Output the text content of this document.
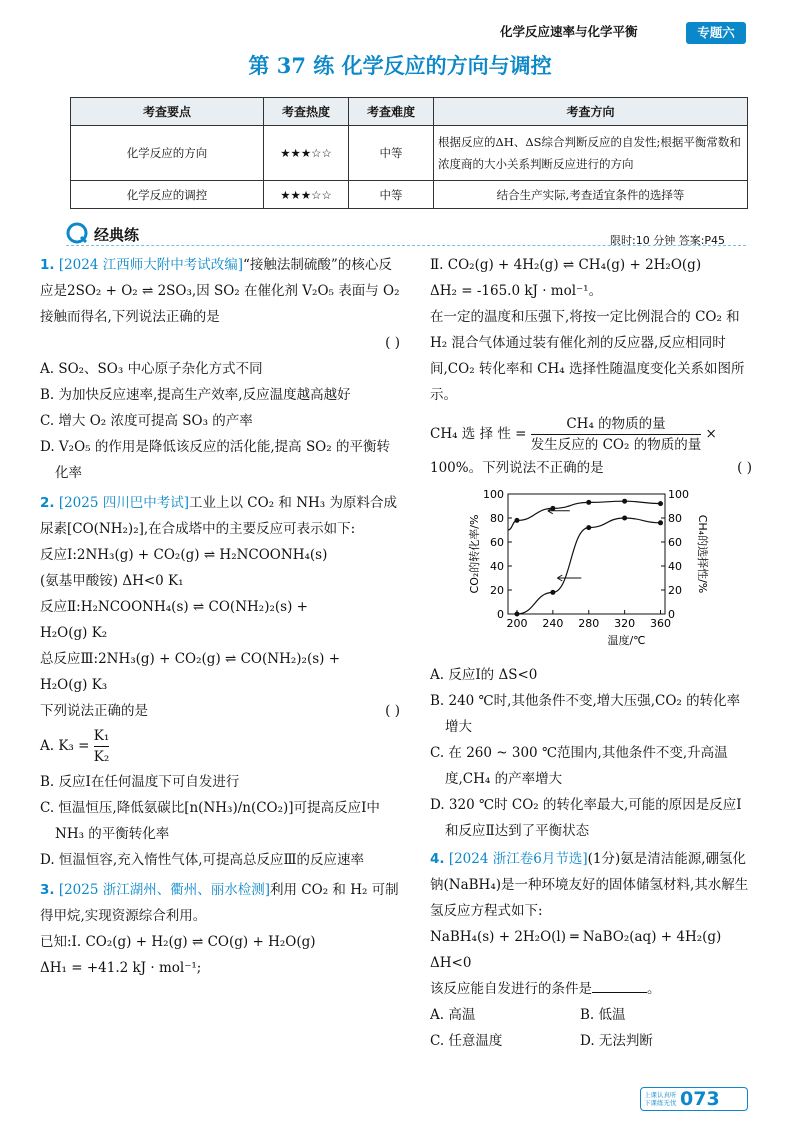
化学反应速率与化学平衡	专题六
第 37 练 化学反应的方向与调控
考查要点	考查热度	考查难度	考查方向
化学反应的方向	★★★☆☆	中等	根据反应的ΔH、ΔS综合判断反应的自发性;根据平衡常数和浓度商的大小关系判断反应进行的方向
化学反应的调控	★★★☆☆	中等	结合生产实际,考查适宜条件的选择等
经典练	限时:10 分钟 答案:P45
1. [2024 江西师大附中考试改编]“接触法制硫酸”的核心反应是2SO₂ + O₂ ⇌ 2SO₃,因 SO₂ 在催化剂 V₂O₅ 表面与 O₂ 接触而得名,下列说法正确的是
( )
A. SO₂、SO₃ 中心原子杂化方式不同
B. 为加快反应速率,提高生产效率,反应温度越高越好
C. 增大 O₂ 浓度可提高 SO₃ 的产率
D. V₂O₅ 的作用是降低该反应的活化能,提高 SO₂ 的平衡转化率
2. [2025 四川巴中考试]工业上以 CO₂ 和 NH₃ 为原料合成尿素[CO(NH₂)₂],在合成塔中的主要反应可表示如下:
反应Ⅰ:2NH₃(g) + CO₂(g) ⇌ H₂NCOONH₄(s)
(氨基甲酸铵) ΔH<0 K₁
反应Ⅱ:H₂NCOONH₄(s) ⇌ CO(NH₂)₂(s) +
H₂O(g) K₂
总反应Ⅲ:2NH₃(g) + CO₂(g) ⇌ CO(NH₂)₂(s) +
H₂O(g) K₃
下列说法正确的是	( )
A. $K_3 = \frac{\text{K₁}}{\text{K₂}}$
B. 反应Ⅰ在任何温度下可自发进行
C. 恒温恒压,降低氨碳比[n(NH₃)/n(CO₂)]可提高反应Ⅰ中 NH₃ 的平衡转化率
D. 恒温恒容,充入惰性气体,可提高总反应Ⅲ的反应速率
3. [2025 浙江湖州、衢州、丽水检测]利用 CO₂ 和 H₂ 可制得甲烷,实现资源综合利用。
已知:Ⅰ. CO₂(g) + H₂(g) ⇌ CO(g) + H₂O(g)
ΔH₁ = +41.2 kJ · mol⁻¹;
Ⅱ. CO₂(g) + 4H₂(g) ⇌ CH₄(g) + 2H₂O(g)
ΔH₂ = -165.0 kJ · mol⁻¹。
在一定的温度和压强下,将按一定比例混合的 CO₂ 和 H₂ 混合气体通过装有催化剂的反应器,反应相同时间,CO₂ 转化率和 CH₄ 选择性随温度变化关系如图所示。
CH₄ 选 择 性 = $\frac{\text{CH₄ 的物质的量}}{\text{发生反应的 CO₂ 的物质的量}}$ ×
100%。下列说法不正确的是	( )
0	0
20	20
40	40
60	60
80	80
100	100
200 240 280 320 360
温度/℃
CO₂的转化率/%	CH₄的选择性/%
A. 反应Ⅰ的 ΔS<0
B. 240 ℃时,其他条件不变,增大压强,CO₂ 的转化率增大
C. 在 260 ~ 300 ℃范围内,其他条件不变,升高温度,CH₄ 的产率增大
D. 320 ℃时 CO₂ 的转化率最大,可能的原因是反应Ⅰ和反应Ⅱ达到了平衡状态
4. [2024 浙江卷6月节选](1分)氨是清洁能源,硼氢化钠(NaBH₄)是一种环境友好的固体储氢材料,其水解生氢反应方程式如下:
NaBH₄(s) + 2H₂O(l) ═ NaBO₂(aq) + 4H₂(g)
ΔH<0
该反应能自发进行的条件是	。
A. 高温	B. 低温
C. 任意温度	D. 无法判断
上课认真听
下课练无忧 073
